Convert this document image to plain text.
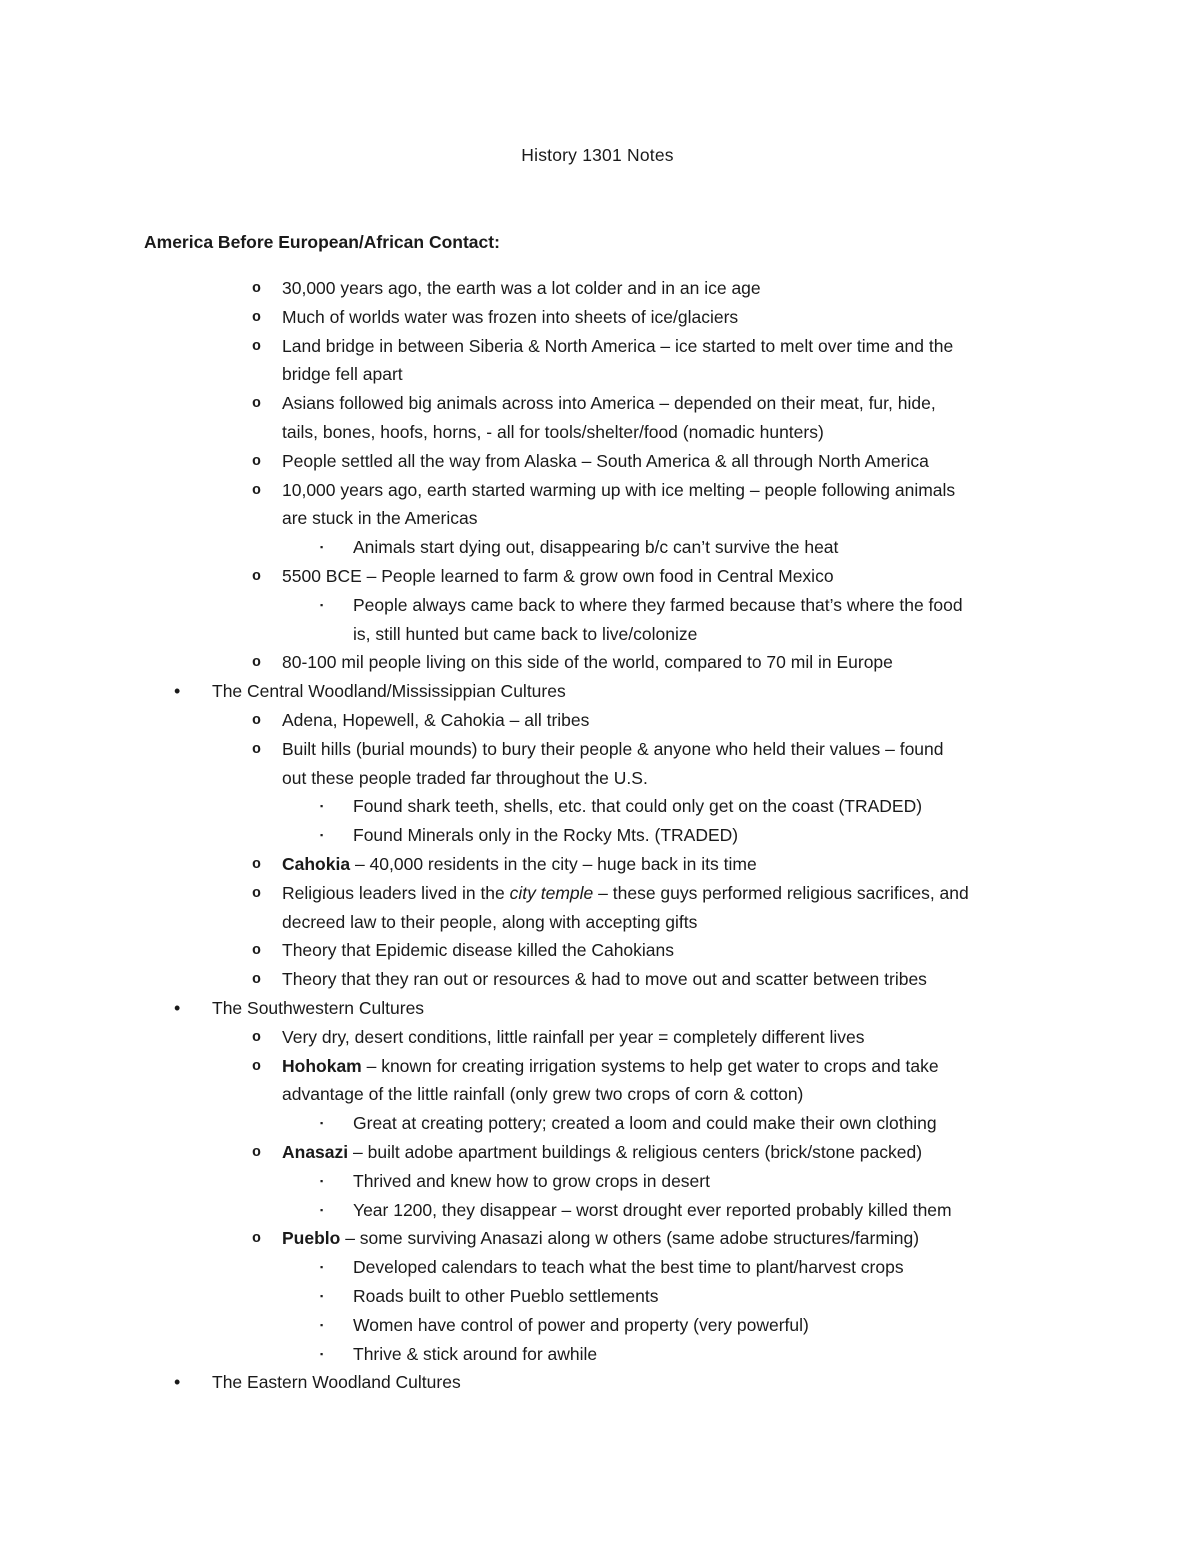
History 1301 Notes
America Before European/African Contact:
o 30,000 years ago, the earth was a lot colder and in an ice age
o Much of worlds water was frozen into sheets of ice/glaciers
o Land bridge in between Siberia & North America – ice started to melt over time and the
bridge fell apart
o Asians followed big animals across into America – depended on their meat, fur, hide,
tails, bones, hoofs, horns, - all for tools/shelter/food (nomadic hunters)
o People settled all the way from Alaska – South America & all through North America
o 10,000 years ago, earth started warming up with ice melting – people following animals
are stuck in the Americas
▪ Animals start dying out, disappearing b/c can’t survive the heat
o 5500 BCE – People learned to farm & grow own food in Central Mexico
▪ People always came back to where they farmed because that’s where the food
is, still hunted but came back to live/colonize
o 80-100 mil people living on this side of the world, compared to 70 mil in Europe
• The Central Woodland/Mississippian Cultures
o Adena, Hopewell, & Cahokia – all tribes
o Built hills (burial mounds) to bury their people & anyone who held their values – found
out these people traded far throughout the U.S.
▪ Found shark teeth, shells, etc. that could only get on the coast (TRADED)
▪ Found Minerals only in the Rocky Mts. (TRADED)
o Cahokia – 40,000 residents in the city – huge back in its time
o Religious leaders lived in the city temple – these guys performed religious sacrifices, and
decreed law to their people, along with accepting gifts
o Theory that Epidemic disease killed the Cahokians
o Theory that they ran out or resources & had to move out and scatter between tribes
• The Southwestern Cultures
o Very dry, desert conditions, little rainfall per year = completely different lives
o Hohokam – known for creating irrigation systems to help get water to crops and take
advantage of the little rainfall (only grew two crops of corn & cotton)
▪ Great at creating pottery; created a loom and could make their own clothing
o Anasazi – built adobe apartment buildings & religious centers (brick/stone packed)
▪ Thrived and knew how to grow crops in desert
▪ Year 1200, they disappear – worst drought ever reported probably killed them
o Pueblo – some surviving Anasazi along w others (same adobe structures/farming)
▪ Developed calendars to teach what the best time to plant/harvest crops
▪ Roads built to other Pueblo settlements
▪ Women have control of power and property (very powerful)
▪ Thrive & stick around for awhile
• The Eastern Woodland Cultures
